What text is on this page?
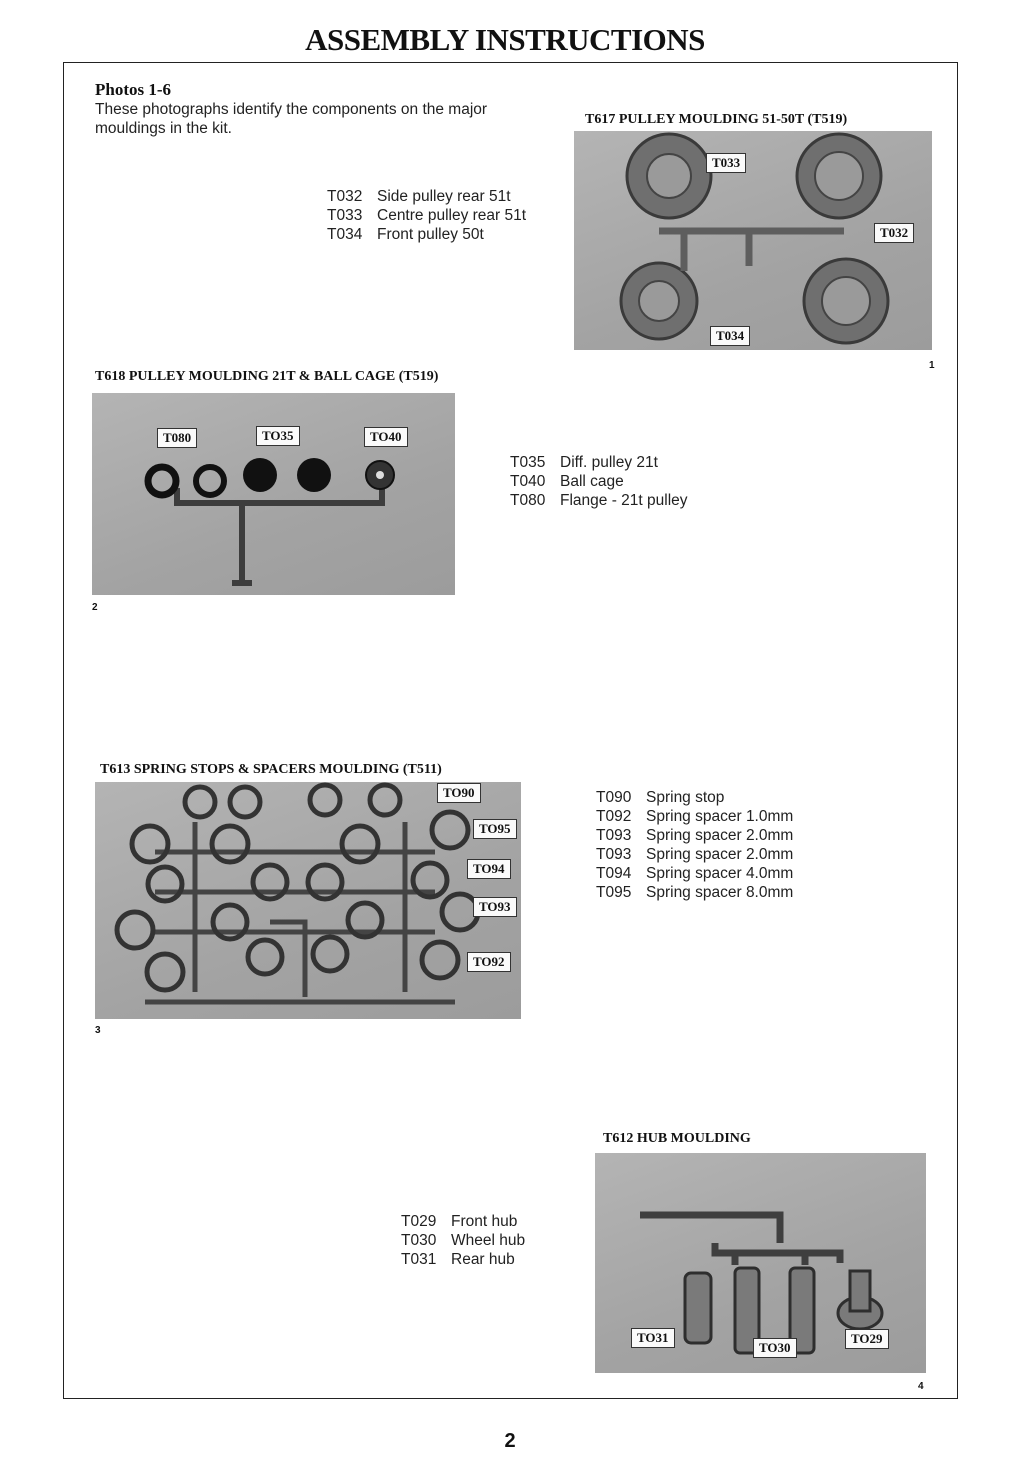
ASSEMBLY INSTRUCTIONS
Photos 1-6
These photographs identify the components on the major mouldings in the kit.
T617 PULLEY MOULDING 51-50T (T519)
T033
T032
T034
1
T032 Side pulley rear 51t
T033 Centre pulley rear 51t
T034 Front pulley 50t
T618 PULLEY MOULDING 21T & BALL CAGE (T519)
T080	TO35	TO40
2
T035 Diff. pulley 21t
T040 Ball cage
T080 Flange - 21t pulley
T613 SPRING STOPS & SPACERS MOULDING (T511)
TO90
TO95
TO94
TO93
TO92
3
T090 Spring stop
T092 Spring spacer 1.0mm
T093 Spring spacer 2.0mm
T093 Spring spacer 2.0mm
T094 Spring spacer 4.0mm
T095 Spring spacer 8.0mm
T612 HUB MOULDING
TO31
TO30
TO29
4
T029 Front hub
T030 Wheel hub
T031 Rear hub
2
